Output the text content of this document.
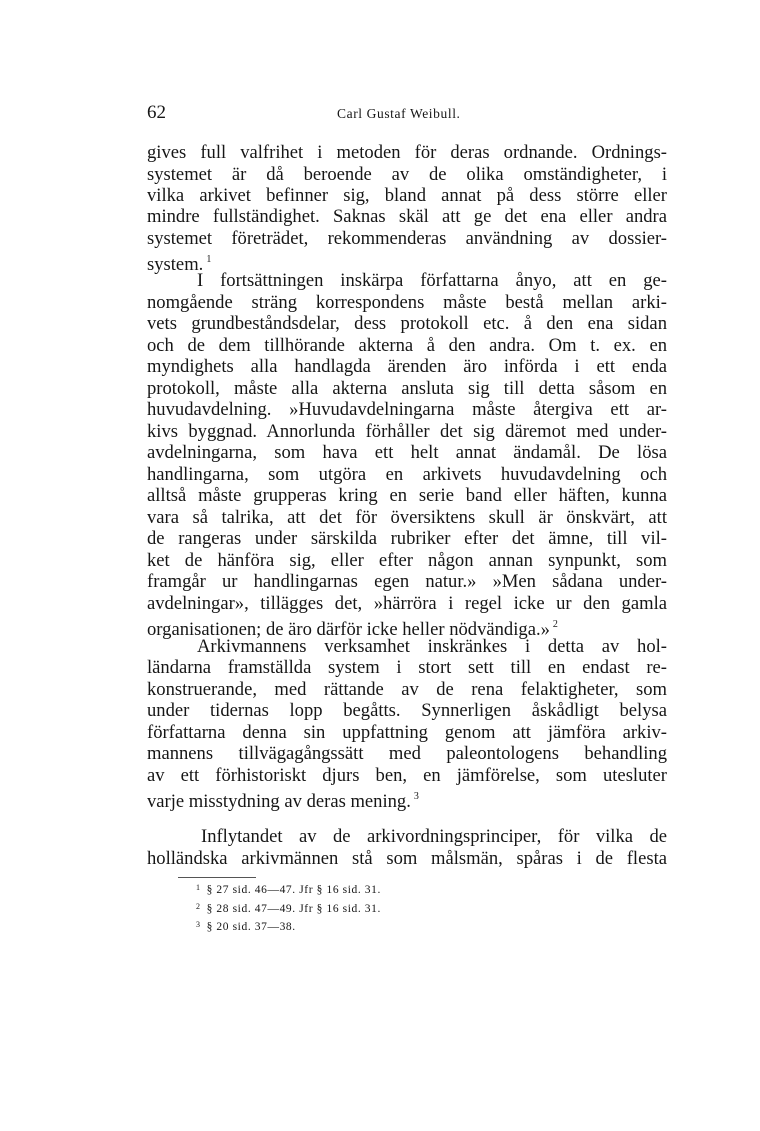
62	Carl Gustaf Weibull.
gives full valfrihet i metoden för deras ordnande. Ordnings-
systemet är då beroende av de olika omständigheter, i
vilka arkivet befinner sig, bland annat på dess större eller
mindre fullständighet. Saknas skäl att ge det ena eller andra
systemet företrädet, rekommenderas användning av dossier-
system. $^1$
I fortsättningen inskärpa författarna ånyo, att en ge-
nomgående sträng korrespondens måste bestå mellan arki-
vets grundbeståndsdelar, dess protokoll etc. å den ena sidan
och de dem tillhörande akterna å den andra. Om t. ex. en
myndighets alla handlagda ärenden äro införda i ett enda
protokoll, måste alla akterna ansluta sig till detta såsom en
huvudavdelning. »Huvudavdelningarna måste återgiva ett ar-
kivs byggnad. Annorlunda förhåller det sig däremot med under-
avdelningarna, som hava ett helt annat ändamål. De lösa
handlingarna, som utgöra en arkivets huvudavdelning och
alltså måste grupperas kring en serie band eller häften, kunna
vara så talrika, att det för översiktens skull är önskvärt, att
de rangeras under särskilda rubriker efter det ämne, till vil-
ket de hänföra sig, eller efter någon annan synpunkt, som
framgår ur handlingarnas egen natur.» »Men sådana under-
avdelningar», tillägges det, »härröra i regel icke ur den gamla
organisationen; de äro därför icke heller nödvändiga.» $^2$
Arkivmannens verksamhet inskränkes i detta av hol-
ländarna framställda system i stort sett till en endast re-
konstruerande, med rättande av de rena felaktigheter, som
under tidernas lopp begåtts. Synnerligen åskådligt belysa
författarna denna sin uppfattning genom att jämföra arkiv-
mannens tillvägagångssätt med paleontologens behandling
av ett förhistoriskt djurs ben, en jämförelse, som utesluter
varje misstydning av deras mening. $^3$
Inflytandet av de arkivordningsprinciper, för vilka de
holländska arkivmännen stå som målsmän, spåras i de flesta
$^1$ § 27 sid. 46—47. Jfr § 16 sid. 31.
$^2$ § 28 sid. 47—49. Jfr § 16 sid. 31.
$^3$ § 20 sid. 37—38.
